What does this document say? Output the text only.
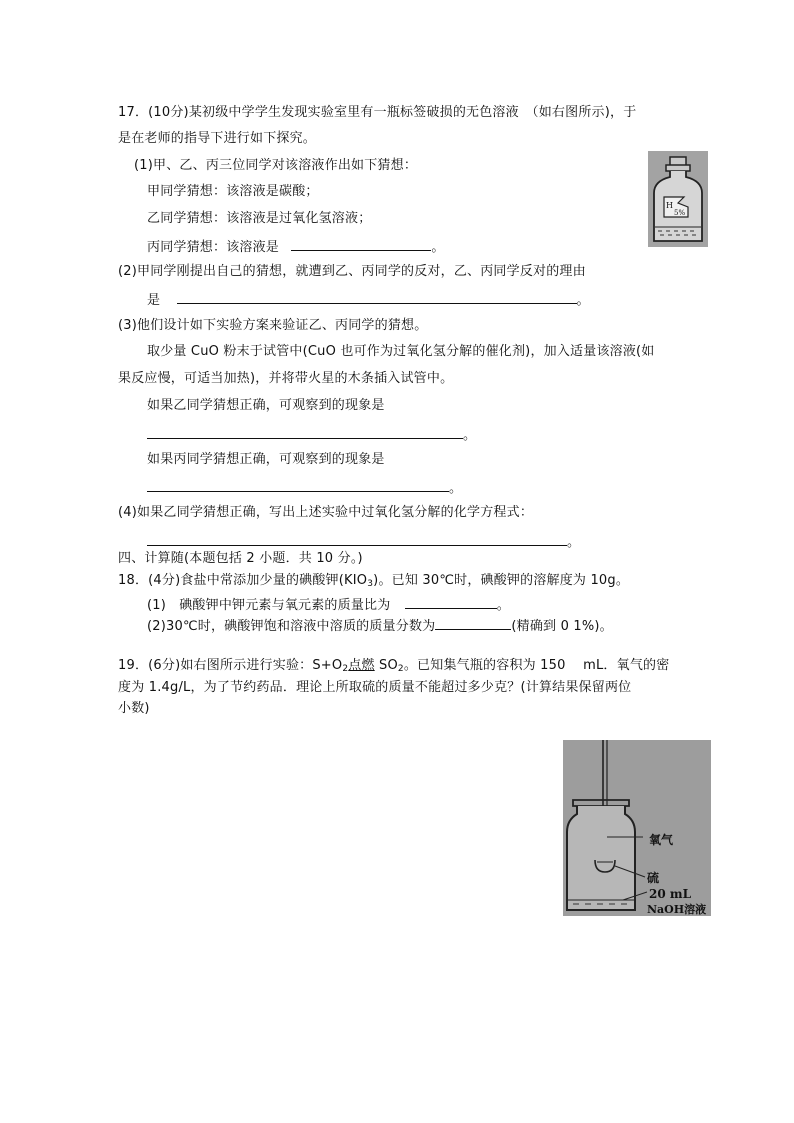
17．(10分)某初级中学学生发现实验室里有一瓶标签破损的无色溶液　（如右图所示)，于
是在老师的指导下进行如下探究。
(1)甲、乙、丙三位同学对该溶液作出如下猜想：
甲同学猜想：该溶液是碳酸；
乙同学猜想：该溶液是过氧化氢溶液；
丙同学猜想：该溶液是	。
H
5%
(2)甲同学刚提出自己的猜想，就遭到乙、丙同学的反对，乙、丙同学反对的理由
是	。
(3)他们设计如下实验方案来验证乙、丙同学的猜想。
取少量 CuO 粉末于试管中(CuO 也可作为过氧化氢分解的催化剂)，加入适量该溶液(如
果反应慢，可适当加热)，并将带火星的木条插入试管中。
如果乙同学猜想正确，可观察到的现象是
。
如果丙同学猜想正确，可观察到的现象是
。
(4)如果乙同学猜想正确，写出上述实验中过氧化氢分解的化学方程式：
。
四、计算随(本题包括 2 小题．共 10 分。)
18．(4分)食盐中常添加少量的碘酸钾$(KIO_3)$。已知 30℃时，碘酸钾的溶解度为 10g。
(1)　碘酸钾中钾元素与氧元素的质量比为	。
(2)30℃时，碘酸钾饱和溶液中溶质的质量分数为	(精确到 0 1%)。
19．(6分)如右图所示进行实验：$S+O_2$点燃 $SO_2$。已知集气瓶的容积为 150　 mL．氧气的密
度为 1.4g/L，为了节约药品．理论上所取硫的质量不能超过多少克？(计算结果保留两位
小数)
氧气
硫
20 mL
NaOH溶液
